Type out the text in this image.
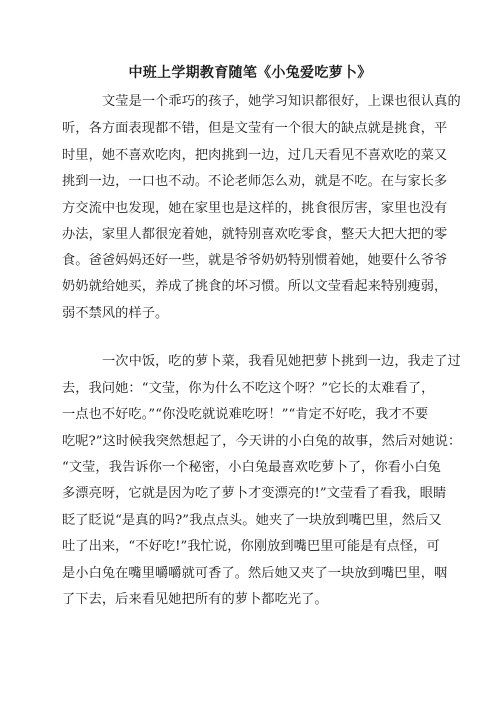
中班上学期教育随笔《小兔爱吃萝卜》
文莹是一个乖巧的孩子，她学习知识都很好，上课也很认真的
听，各方面表现都不错，但是文莹有一个很大的缺点就是挑食，平
时里，她不喜欢吃肉，把肉挑到一边，过几天看见不喜欢吃的菜又
挑到一边，一口也不动。不论老师怎么劝，就是不吃。在与家长多
方交流中也发现，她在家里也是这样的，挑食很厉害，家里也没有
办法，家里人都很宠着她，就特别喜欢吃零食，整天大把大把的零
食。爸爸妈妈还好一些，就是爷爷奶奶特别惯着她，她要什么爷爷
奶奶就给她买，养成了挑食的坏习惯。所以文莹看起来特别瘦弱，
弱不禁风的样子。
一次中饭，吃的萝卜菜，我看见她把萝卜挑到一边，我走了过
去，我问她：“文莹，你为什么不吃这个呀？”它长的太难看了，
一点也不好吃。”“你没吃就说难吃呀！”“肯定不好吃，我才不要
吃呢?”这时候我突然想起了，今天讲的小白兔的故事，然后对她说：
“文莹，我告诉你一个秘密，小白兔最喜欢吃萝卜了，你看小白兔
多漂亮呀，它就是因为吃了萝卜才变漂亮的!”文莹看了看我，眼睛
眨了眨说“是真的吗?”我点点头。她夹了一块放到嘴巴里，然后又
吐了出来，“不好吃!”我忙说，你刚放到嘴巴里可能是有点怪，可
是小白兔在嘴里嚼嚼就可香了。然后她又夹了一块放到嘴巴里，咽
了下去，后来看见她把所有的萝卜都吃光了。
